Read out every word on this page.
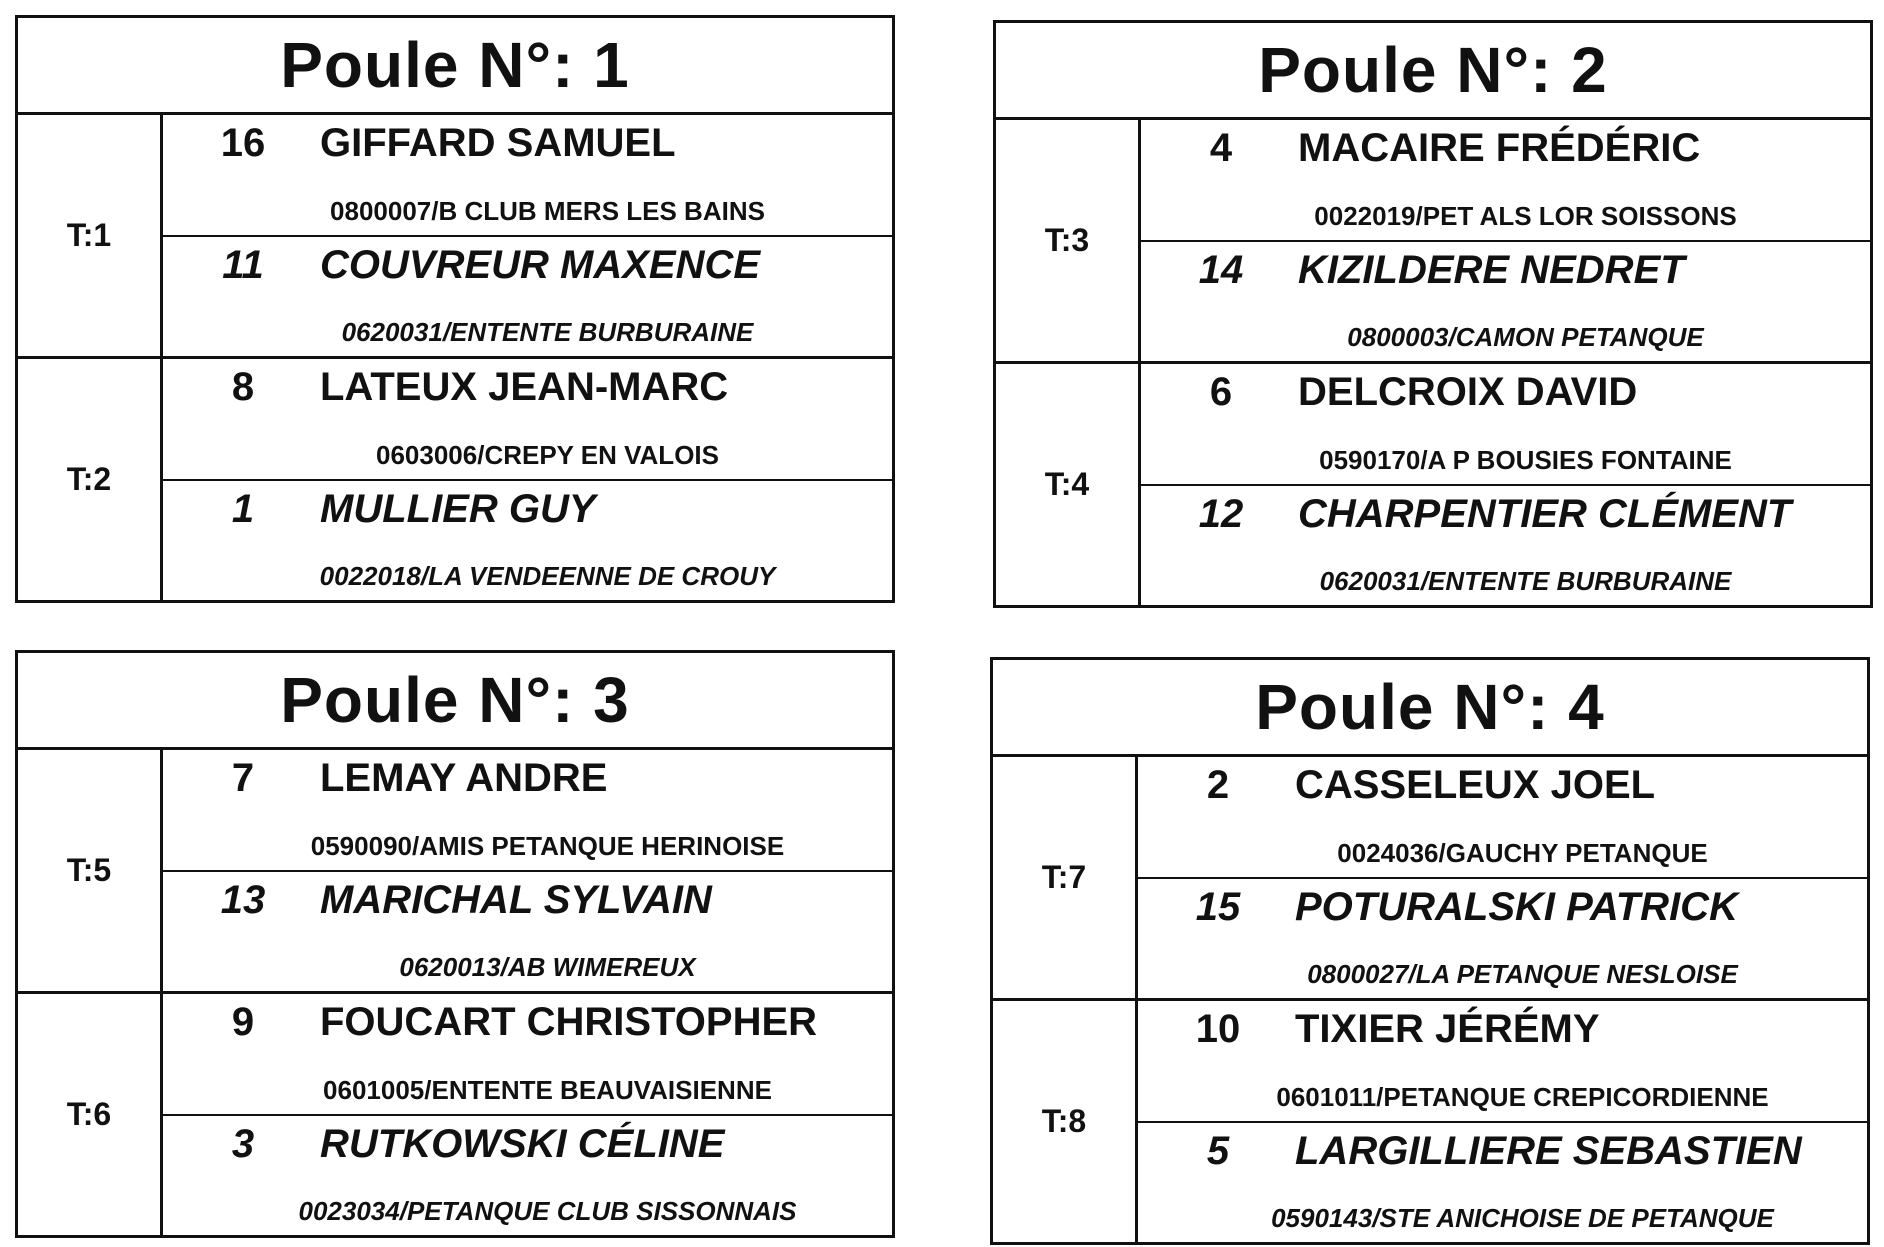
Poule N°: 1
T:1
16	GIFFARD SAMUEL
0800007/B CLUB MERS LES BAINS
11	COUVREUR MAXENCE
0620031/ENTENTE BURBURAINE
T:2
8	LATEUX JEAN-MARC
0603006/CREPY EN VALOIS
1	MULLIER GUY
0022018/LA VENDEENNE DE CROUY
Poule N°: 2
T:3
4	MACAIRE FRÉDÉRIC
0022019/PET ALS LOR SOISSONS
14	KIZILDERE NEDRET
0800003/CAMON PETANQUE
T:4
6	DELCROIX DAVID
0590170/A P BOUSIES FONTAINE
12	CHARPENTIER CLÉMENT
0620031/ENTENTE BURBURAINE
Poule N°: 3
T:5
7	LEMAY ANDRE
0590090/AMIS PETANQUE HERINOISE
13	MARICHAL SYLVAIN
0620013/AB WIMEREUX
T:6
9	FOUCART CHRISTOPHER
0601005/ENTENTE BEAUVAISIENNE
3	RUTKOWSKI CÉLINE
0023034/PETANQUE CLUB SISSONNAIS
Poule N°: 4
T:7
2	CASSELEUX JOEL
0024036/GAUCHY PETANQUE
15	POTURALSKI PATRICK
0800027/LA PETANQUE NESLOISE
T:8
10	TIXIER JÉRÉMY
0601011/PETANQUE CREPICORDIENNE
5	LARGILLIERE SEBASTIEN
0590143/STE ANICHOISE DE PETANQUE
